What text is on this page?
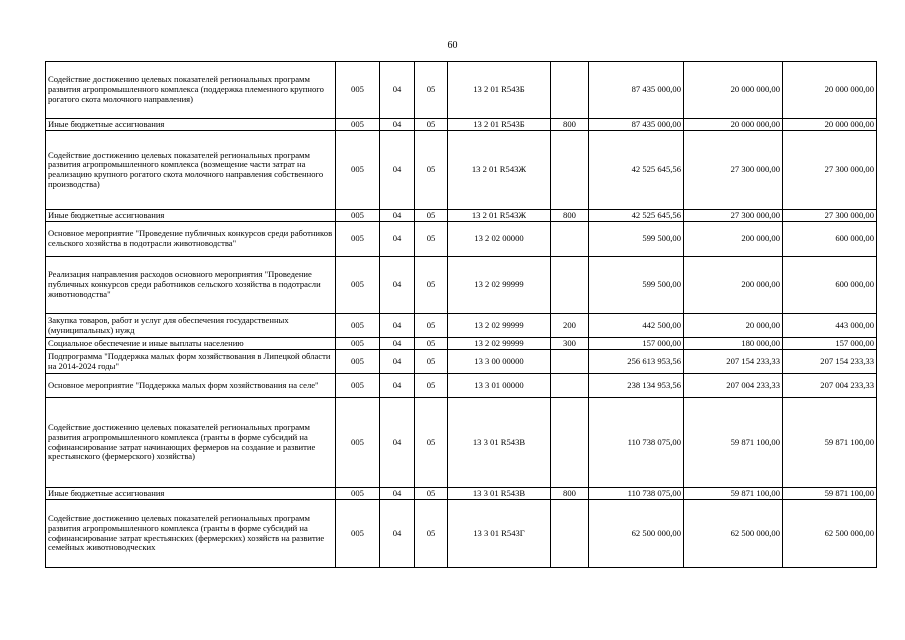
60
Содействие достижению целевых показателей региональных программ развития агропромышленного комплекса (поддержка племенного крупного рогатого скота молочного направления)	005	04	05	13 2 01 R543Б		87 435 000,00	20 000 000,00	20 000 000,00
Иные бюджетные ассигнования	005	04	05	13 2 01 R543Б	800	87 435 000,00	20 000 000,00	20 000 000,00
Содействие достижению целевых показателей региональных программ развития агропромышленного комплекса (возмещение части затрат на реализацию крупного рогатого скота молочного направления собственного производства)	005	04	05	13 2 01 R543Ж		42 525 645,56	27 300 000,00	27 300 000,00
Иные бюджетные ассигнования	005	04	05	13 2 01 R543Ж	800	42 525 645,56	27 300 000,00	27 300 000,00
Основное мероприятие "Проведение публичных конкурсов среди работников сельского хозяйства в подотрасли животноводства"	005	04	05	13 2 02 00000		599 500,00	200 000,00	600 000,00
Реализация направления расходов основного мероприятия "Проведение публичных конкурсов среди работников сельского хозяйства в подотрасли животноводства"	005	04	05	13 2 02 99999		599 500,00	200 000,00	600 000,00
Закупка товаров, работ и услуг для обеспечения государственных (муниципальных) нужд	005	04	05	13 2 02 99999	200	442 500,00	20 000,00	443 000,00
Социальное обеспечение и иные выплаты населению	005	04	05	13 2 02 99999	300	157 000,00	180 000,00	157 000,00
Подпрограмма "Поддержка малых форм хозяйствования в Липецкой области на 2014-2024 годы"	005	04	05	13 3 00 00000		256 613 953,56	207 154 233,33	207 154 233,33
Основное мероприятие "Поддержка малых форм хозяйствования на селе"	005	04	05	13 3 01 00000		238 134 953,56	207 004 233,33	207 004 233,33
Содействие достижению целевых показателей региональных программ развития агропромышленного комплекса (гранты в форме субсидий на софинансирование затрат начинающих фермеров на создание и развитие крестьянского (фермерского) хозяйства)	005	04	05	13 3 01 R543В		110 738 075,00	59 871 100,00	59 871 100,00
Иные бюджетные ассигнования	005	04	05	13 3 01 R543В	800	110 738 075,00	59 871 100,00	59 871 100,00
Содействие достижению целевых показателей региональных программ развития агропромышленного комплекса (гранты в форме субсидий на софинансирование затрат крестьянских (фермерских) хозяйств на развитие семейных животноводческих	005	04	05	13 3 01 R543Г		62 500 000,00	62 500 000,00	62 500 000,00
